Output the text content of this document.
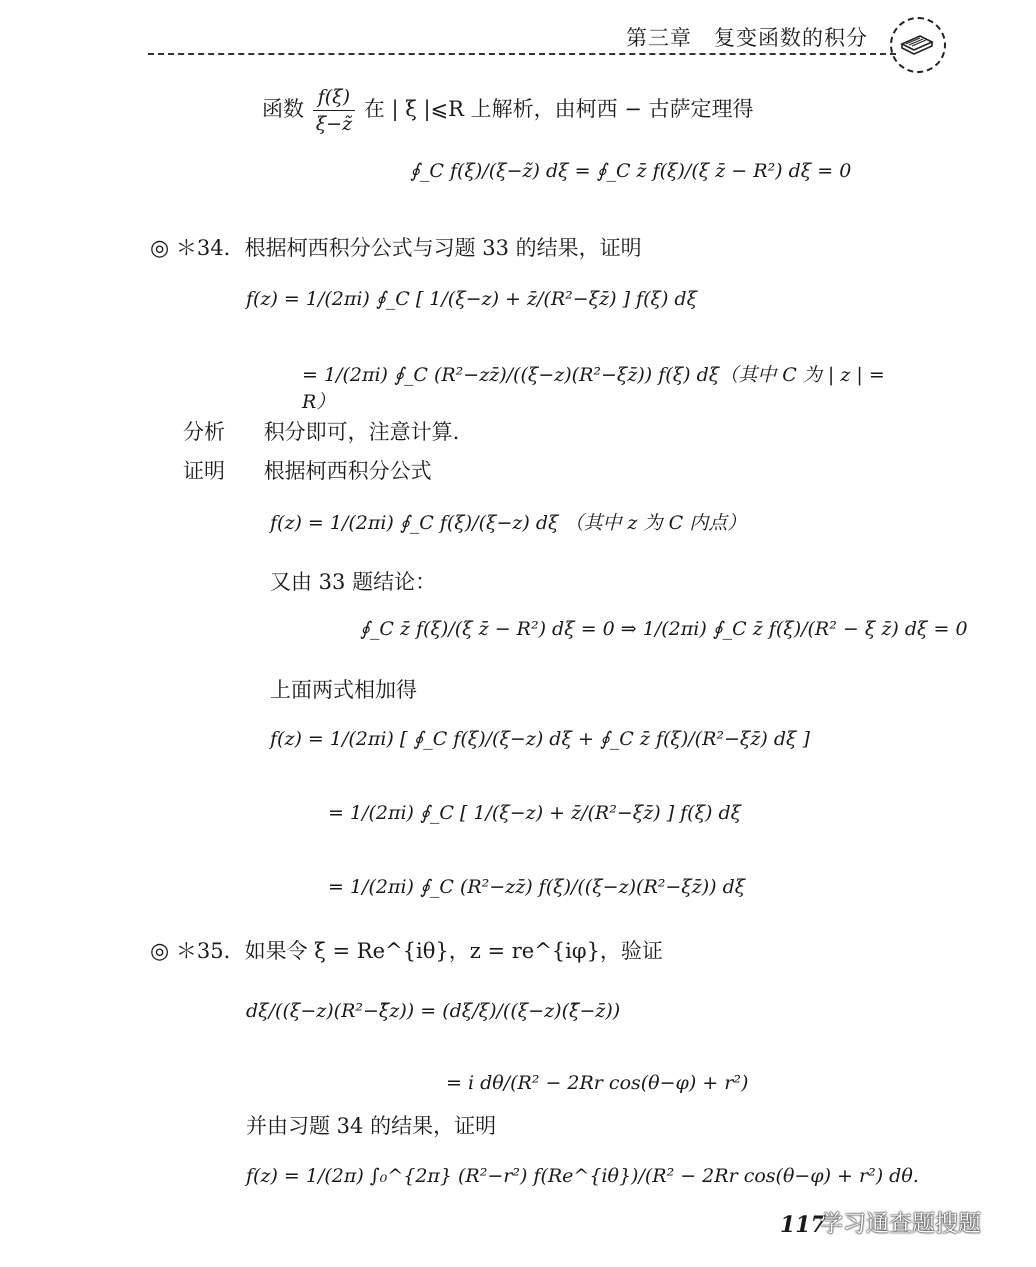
第三章　复变函数的积分
函数 $\frac{f(\xi)}{\xi-z̃}$ 在 | ξ |⩽R 上解析，由柯西 − 古萨定理得
∮_C f(ξ)/(ξ−z̃) dξ = ∮_C z̄ f(ξ)/(ξ z̄ − R²) dξ = 0
◎ ＊34．根据柯西积分公式与习题 33 的结果，证明
f(z) = 1/(2πi) ∮_C [ 1/(ξ−z) + z̄/(R²−ξz̄) ] f(ξ) dξ
= 1/(2πi) ∮_C (R²−zz̄)/((ξ−z)(R²−ξz̄)) f(ξ) dξ（其中 C 为 | z | = R）
分析 积分即可，注意计算.
证明 根据柯西积分公式
f(z) = 1/(2πi) ∮_C f(ξ)/(ξ−z) dξ （其中 z 为 C 内点）
又由 33 题结论：
∮_C z̄ f(ξ)/(ξ z̄ − R²) dξ = 0 ⇒ 1/(2πi) ∮_C z̄ f(ξ)/(R² − ξ z̄) dξ = 0
上面两式相加得
f(z) = 1/(2πi) [ ∮_C f(ξ)/(ξ−z) dξ + ∮_C z̄ f(ξ)/(R²−ξz̄) dξ ]
= 1/(2πi) ∮_C [ 1/(ξ−z) + z̄/(R²−ξz̄) ] f(ξ) dξ
= 1/(2πi) ∮_C (R²−zz̄) f(ξ)/((ξ−z)(R²−ξz̄)) dξ
◎ ＊35．如果令 ξ = Re^{iθ}，z = re^{iφ}，验证
dξ/((ξ−z)(R²−ξ̄z)) = (dξ/ξ)/((ξ−z)(ξ̄−z̄))
= i dθ/(R² − 2Rr cos(θ−φ) + r²)
并由习题 34 的结果，证明
f(z) = 1/(2π) ∫₀^{2π} (R²−r²) f(Re^{iθ})/(R² − 2Rr cos(θ−φ) + r²) dθ.
117
学习通查题搜题
